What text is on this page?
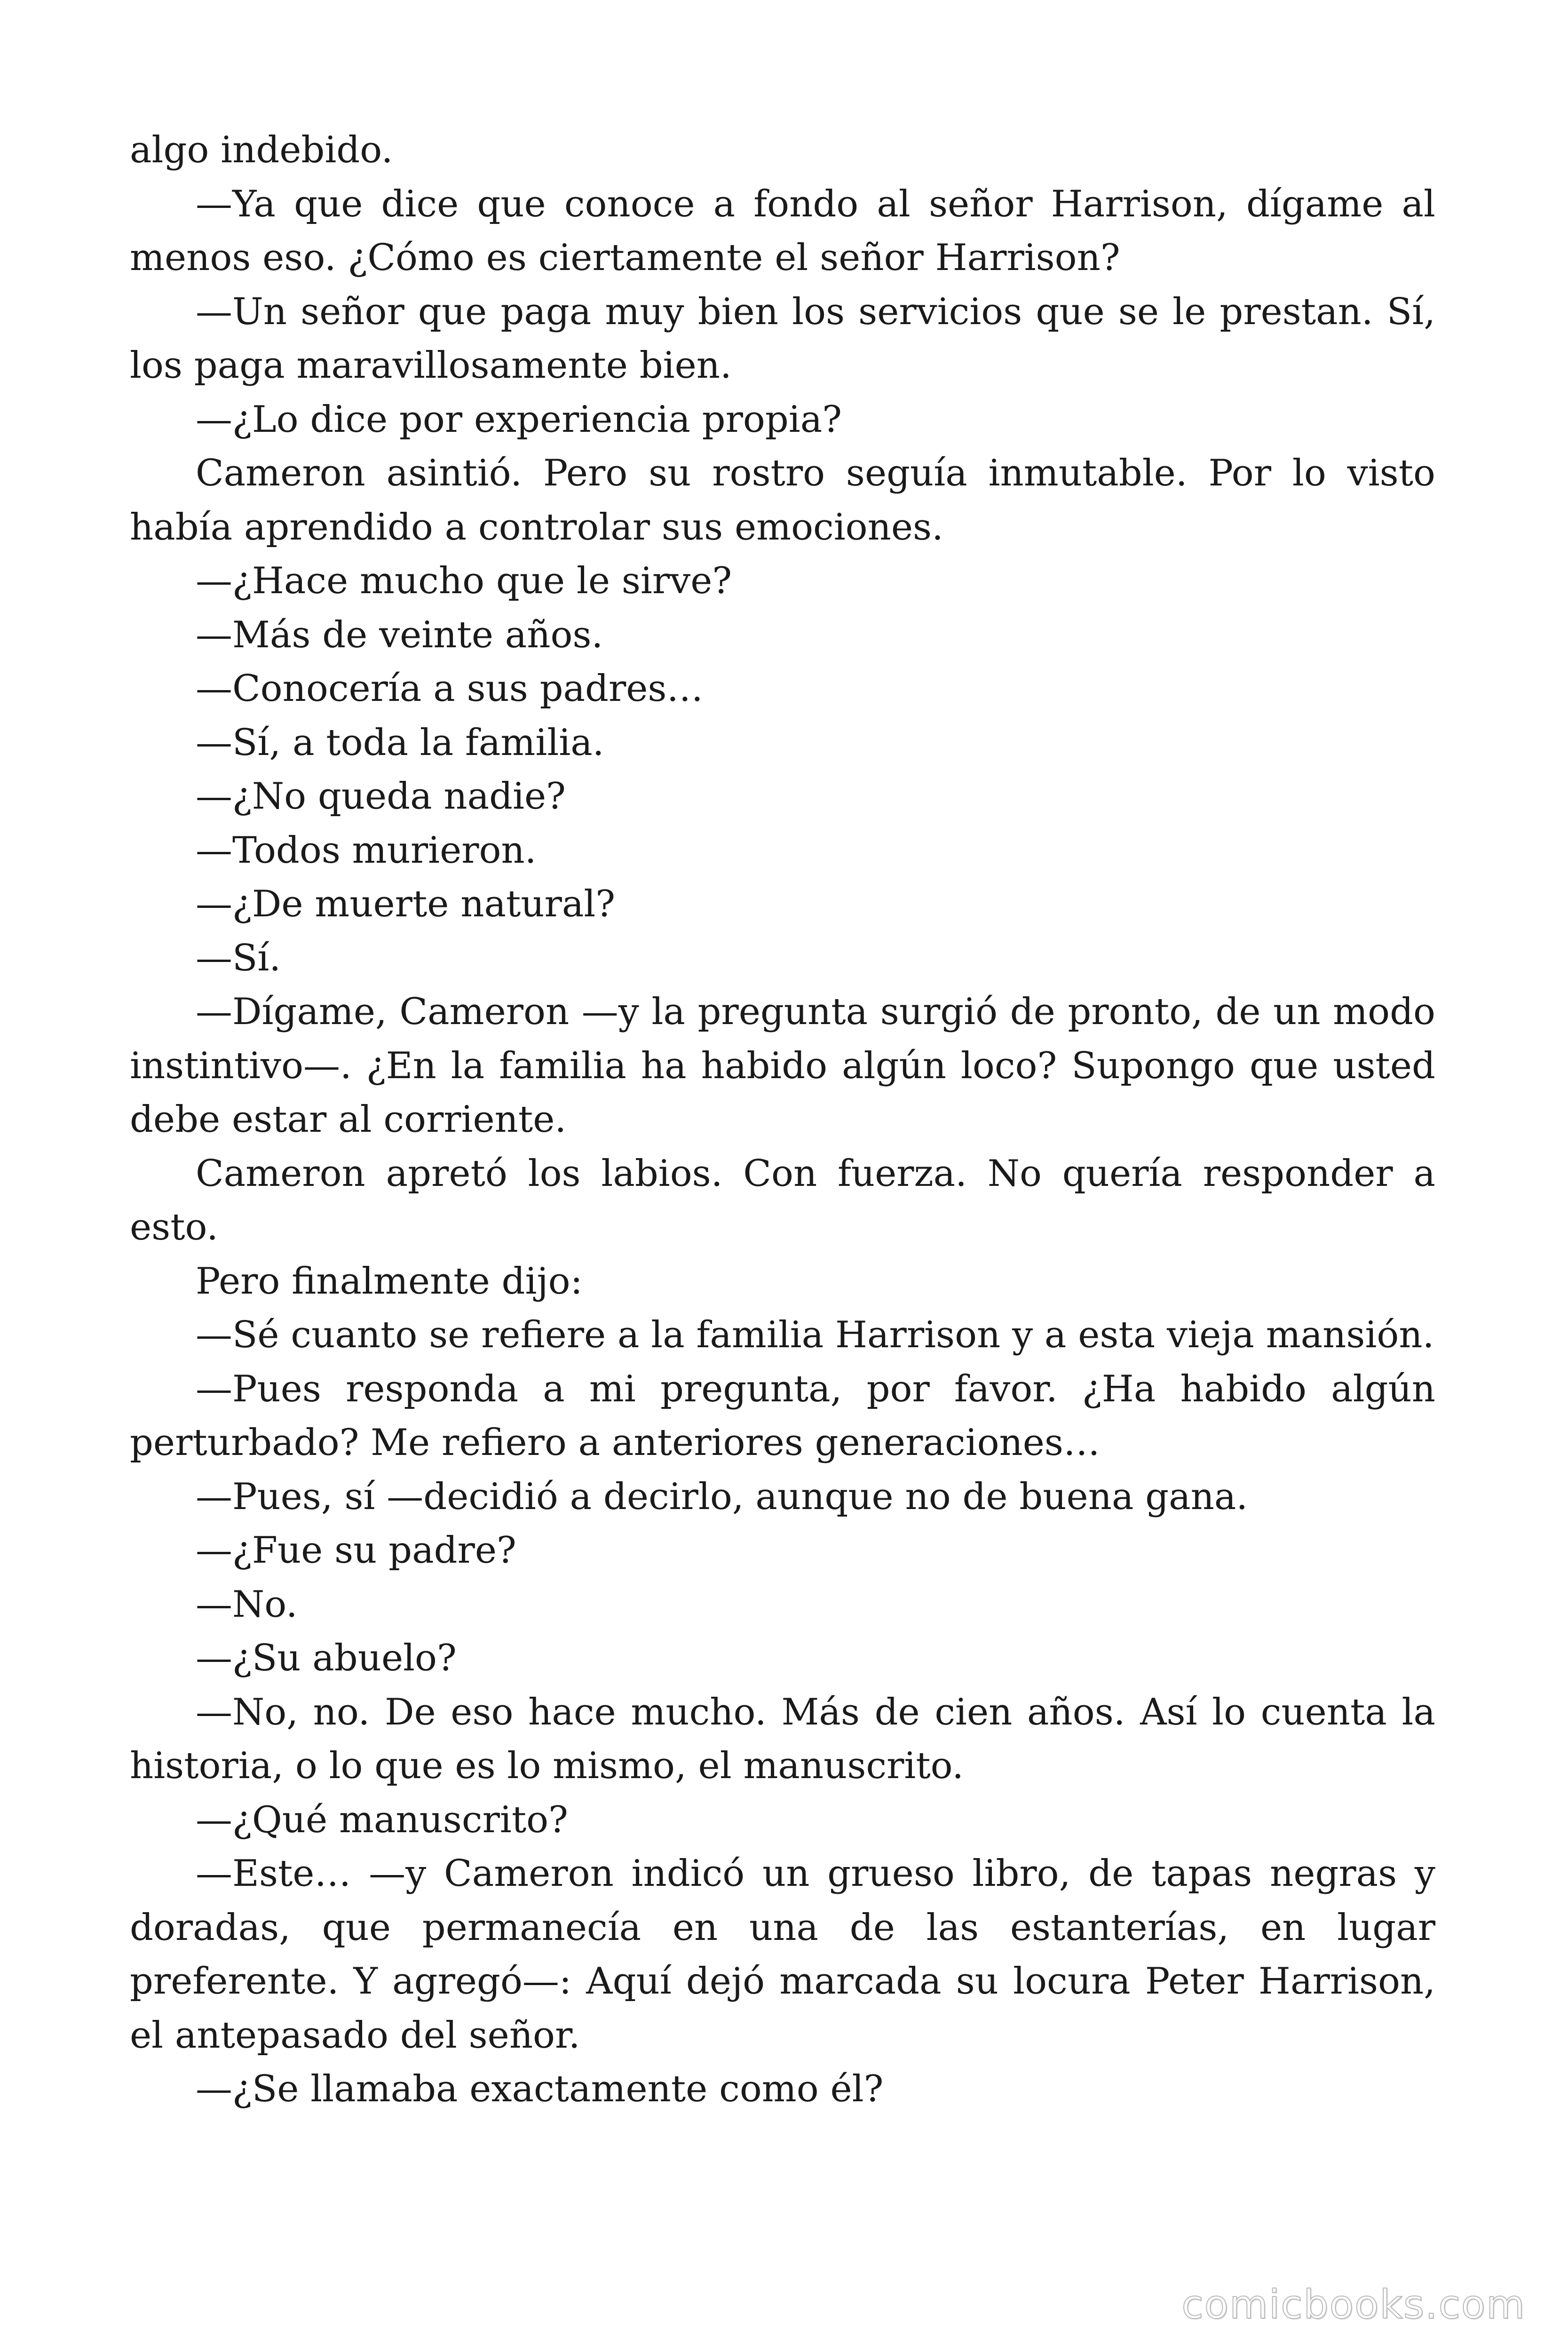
algo indebido.

—Ya que dice que conoce a fondo al señor Harrison, dígame al menos eso. ¿Cómo es ciertamente el señor Harrison?

—Un señor que paga muy bien los servicios que se le prestan. Sí, los paga maravillosamente bien.

—¿Lo dice por experiencia propia?

Cameron asintió. Pero su rostro seguía inmutable. Por lo visto había aprendido a controlar sus emociones.

—¿Hace mucho que le sirve?

—Más de veinte años.

—Conocería a sus padres…

—Sí, a toda la familia.

—¿No queda nadie?

—Todos murieron.

—¿De muerte natural?

—Sí.

—Dígame, Cameron —y la pregunta surgió de pronto, de un modo instintivo—. ¿En la familia ha habido algún loco? Supongo que usted debe estar al corriente.

Cameron apretó los labios. Con fuerza. No quería responder a esto.

Pero finalmente dijo:

—Sé cuanto se refiere a la familia Harrison y a esta vieja mansión.

—Pues responda a mi pregunta, por favor. ¿Ha habido algún perturbado? Me refiero a anteriores generaciones…

—Pues, sí —decidió a decirlo, aunque no de buena gana.

—¿Fue su padre?

—No.

—¿Su abuelo?

—No, no. De eso hace mucho. Más de cien años. Así lo cuenta la historia, o lo que es lo mismo, el manuscrito.

—¿Qué manuscrito?

—Este… —y Cameron indicó un grueso libro, de tapas negras y doradas, que permanecía en una de las estanterías, en lugar preferente. Y agregó—: Aquí dejó marcada su locura Peter Harrison, el antepasado del señor.

—¿Se llamaba exactamente como él?

comicbooks.com
